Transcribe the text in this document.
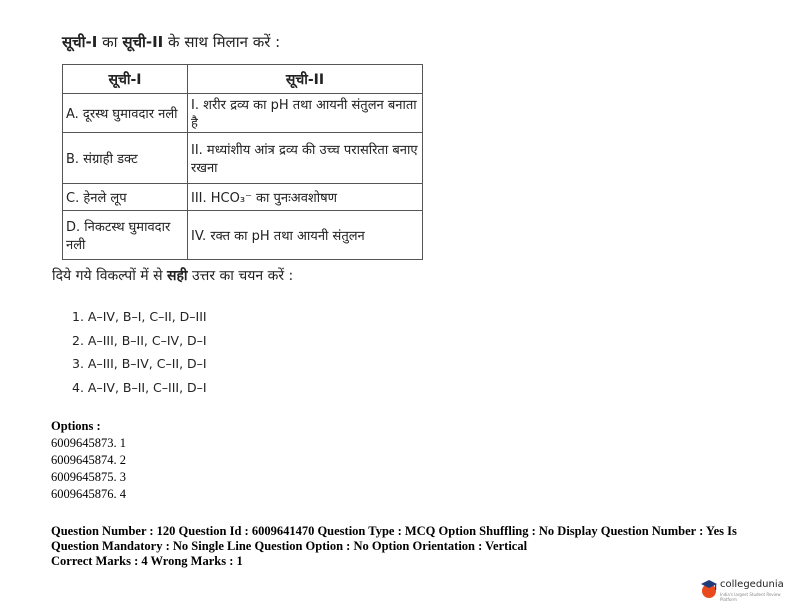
सूची-I का सूची-II के साथ मिलान करें :

सूची-I	सूची-II
A. दूरस्थ घुमावदार नली	I. शरीर द्रव्य का pH तथा आयनी संतुलन बनाता है
B. संग्राही डक्ट	II. मध्यांशीय आंत्र द्रव्य की उच्च परासरिता बनाए रखना
C. हेनले लूप	III. HCO₃⁻ का पुनःअवशोषण
D. निकटस्थ घुमावदार नली	IV. रक्त का pH तथा आयनी संतुलन

दिये गये विकल्पों में से सही उत्तर का चयन करें :

1. A–IV, B–I, C–II, D–III
2. A–III, B–II, C–IV, D–I
3. A–III, B–IV, C–II, D–I
4. A–IV, B–II, C–III, D–I
Options :
6009645873. 1
6009645874. 2
6009645875. 3
6009645876. 4
Question Number : 120 Question Id : 6009641470 Question Type : MCQ Option Shuffling : No Display Question Number : Yes Is Question Mandatory : No Single Line Question Option : No Option Orientation : Vertical
Correct Marks : 4 Wrong Marks : 1
collegedunia
India's largest Student Review Platform
